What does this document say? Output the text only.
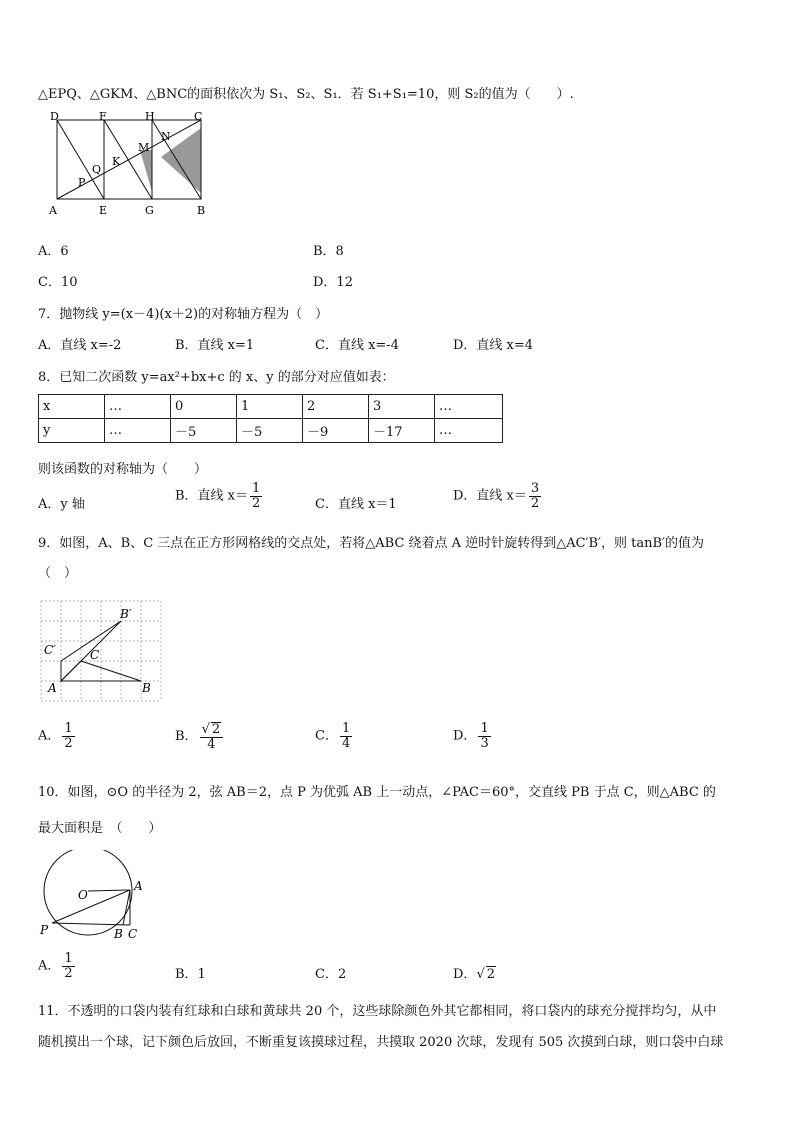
△EPQ、△GKM、△BNC的面积依次为 S₁、S₂、S₁．若 S₁+S₁=10，则 S₂的值为（　　）.
D	F	H	C
A	E	G	B
N
M
K
Q
P
A．6	B．8
C．10	D．12
7．抛物线 y=(x－4)(x＋2)的对称轴方程为（　）
A．直线 x=-2	B．直线 x=1	C．直线 x=-4	D．直线 x=4
8．已知二次函数 y=ax²+bx+c 的 x、y 的部分对应值如表：
x	…	0	1	2	3	…
y	…	－5	－5	－9	－17	…
则该函数的对称轴为（　　）
A．y 轴
B．直线 $x= \frac{1}{2}$	C．直线 x＝1
D．直线 $x= \frac{3}{2}$
9．如图，A、B、C 三点在正方形网格线的交点处，若将△ABC 绕着点 A 逆时针旋转得到△AC′B′，则 tanB′的值为
（　）
B′
C′	C
A	B
A． $\frac{1}{2}$	B． $\frac{√ 2}{4}$	C． $\frac{1}{4}$	D． $\frac{1}{3}$
10．如图，⊙O 的半径为 2，弦 AB＝2，点 P 为优弧 AB 上一动点，∠PAC＝60°，交直线 PB 于点 C，则△ABC 的
最大面积是　（　　）
O
A
P	B C
A． $\frac{1}{2}$	B．1	C．2	D．√ 2
11．不透明的口袋内装有红球和白球和黄球共 20 个，这些球除颜色外其它都相同，将口袋内的球充分搅拌均匀，从中
随机摸出一个球，记下颜色后放回，不断重复该摸球过程，共摸取 2020 次球，发现有 505 次摸到白球，则口袋中白球
